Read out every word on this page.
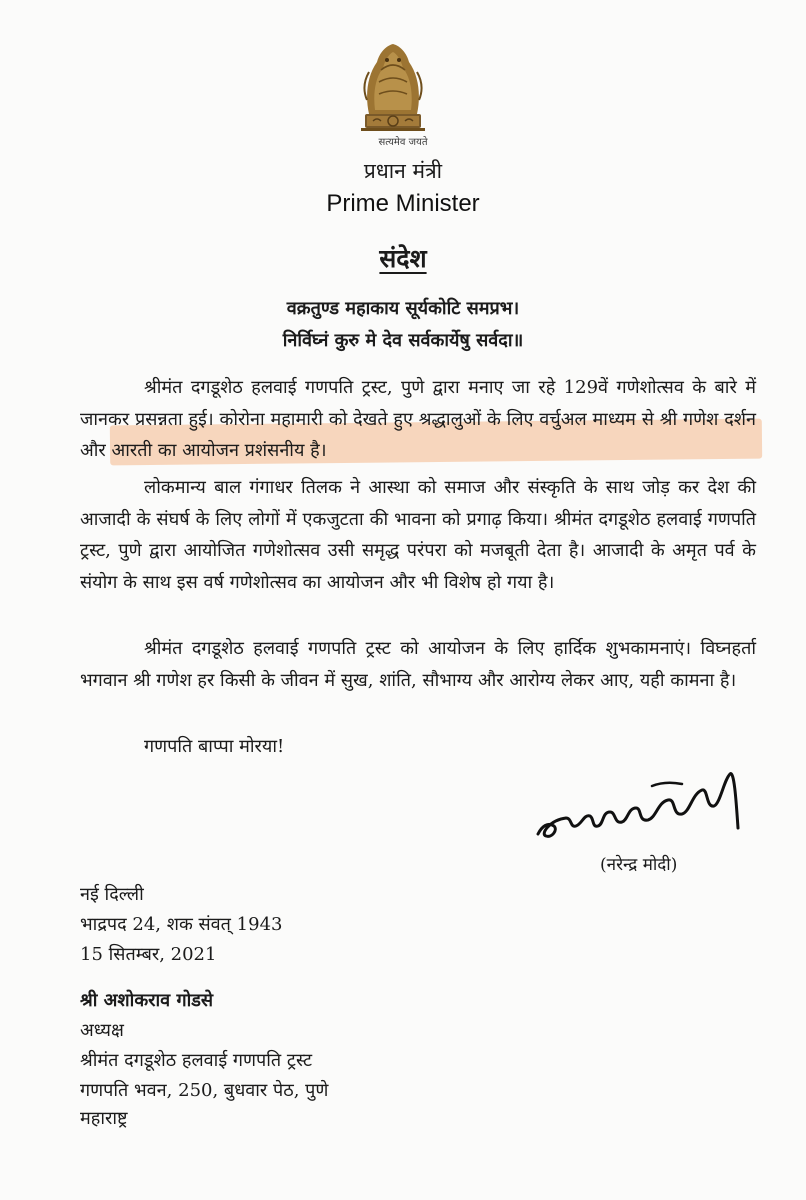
सत्यमेव जयते
प्रधान मंत्री
Prime Minister
संदेश
वक्रतुण्ड महाकाय सूर्यकोटि समप्रभ।
निर्विघ्नं कुरु मे देव सर्वकार्येषु सर्वदा॥

श्रीमंत दगडूशेठ हलवाई गणपति ट्रस्ट, पुणे द्वारा मनाए जा रहे 129वें गणेशोत्सव के बारे में जानकर प्रसन्नता हुई। कोरोना महामारी को देखते हुए श्रद्धालुओं के लिए वर्चुअल माध्यम से श्री गणेश दर्शन और आरती का आयोजन प्रशंसनीय है।

लोकमान्य बाल गंगाधर तिलक ने आस्था को समाज और संस्कृति के साथ जोड़ कर देश की आजादी के संघर्ष के लिए लोगों में एकजुटता की भावना को प्रगाढ़ किया। श्रीमंत दगडूशेठ हलवाई गणपति ट्रस्ट, पुणे द्वारा आयोजित गणेशोत्सव उसी समृद्ध परंपरा को मजबूती देता है। आजादी के अमृत पर्व के संयोग के साथ इस वर्ष गणेशोत्सव का आयोजन और भी विशेष हो गया है।

श्रीमंत दगडूशेठ हलवाई गणपति ट्रस्ट को आयोजन के लिए हार्दिक शुभकामनाएं। विघ्नहर्ता भगवान श्री गणेश हर किसी के जीवन में सुख, शांति, सौभाग्य और आरोग्य लेकर आए, यही कामना है।

गणपति बाप्पा मोरया!
(नरेन्द्र मोदी)
नई दिल्ली
भाद्रपद 24, शक संवत् 1943
15 सितम्बर, 2021
श्री अशोकराव गोडसे
अध्यक्ष
श्रीमंत दगडूशेठ हलवाई गणपति ट्रस्ट
गणपति भवन, 250, बुधवार पेठ, पुणे
महाराष्ट्र
